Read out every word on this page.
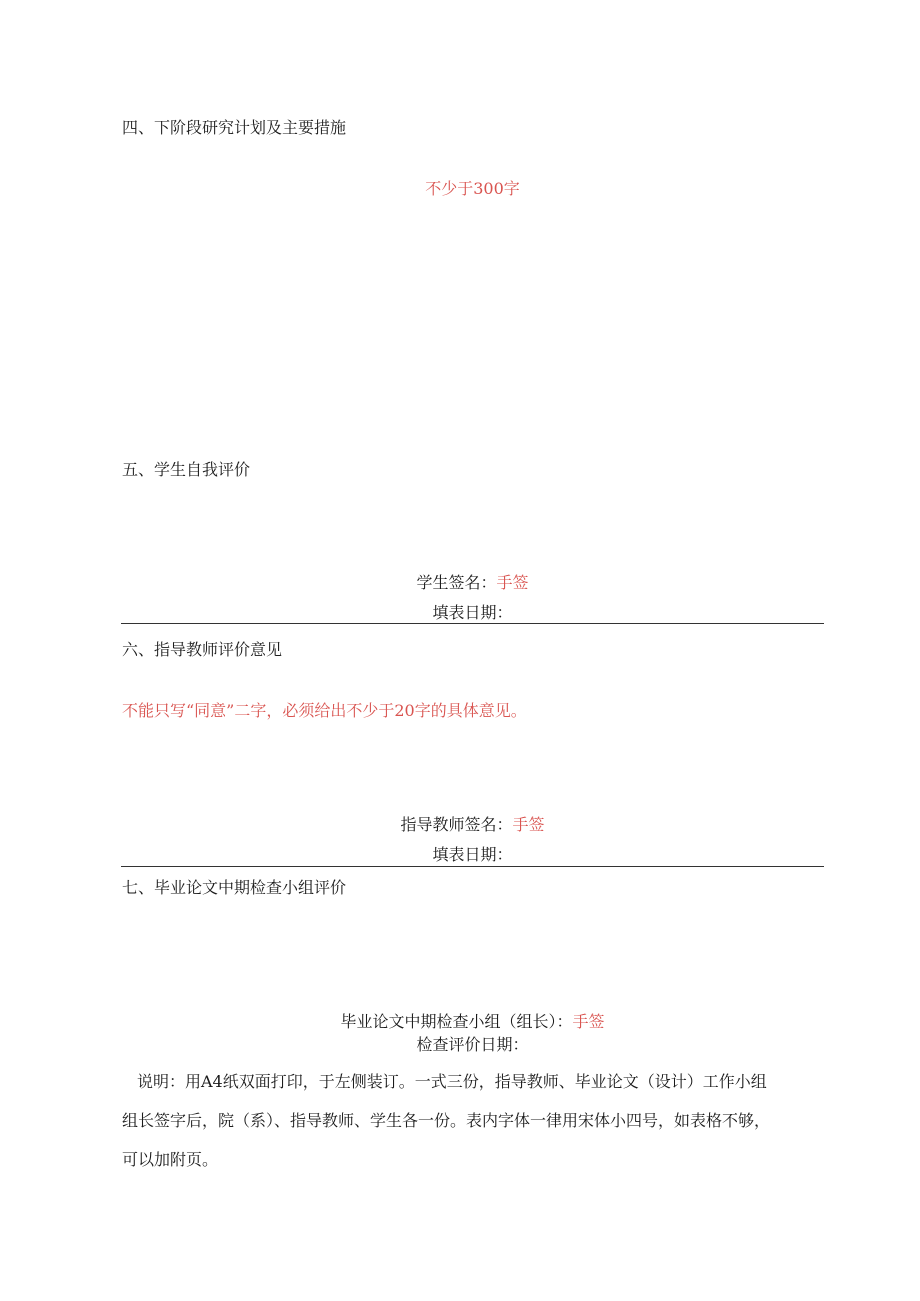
四、下阶段研究计划及主要措施
不少于300字
五、学生自我评价
学生签名：手签
填表日期：
六、指导教师评价意见
不能只写“同意”二字，必须给出不少于20字的具体意见。
指导教师签名：手签
填表日期：
七、毕业论文中期检查小组评价
毕业论文中期检查小组（组长）：手签
检查评价日期：
说明：用A4纸双面打印，于左侧装订。一式三份，指导教师、毕业论文（设计）工作小组
组长签字后，院（系）、指导教师、学生各一份。表内字体一律用宋体小四号，如表格不够，
可以加附页。
